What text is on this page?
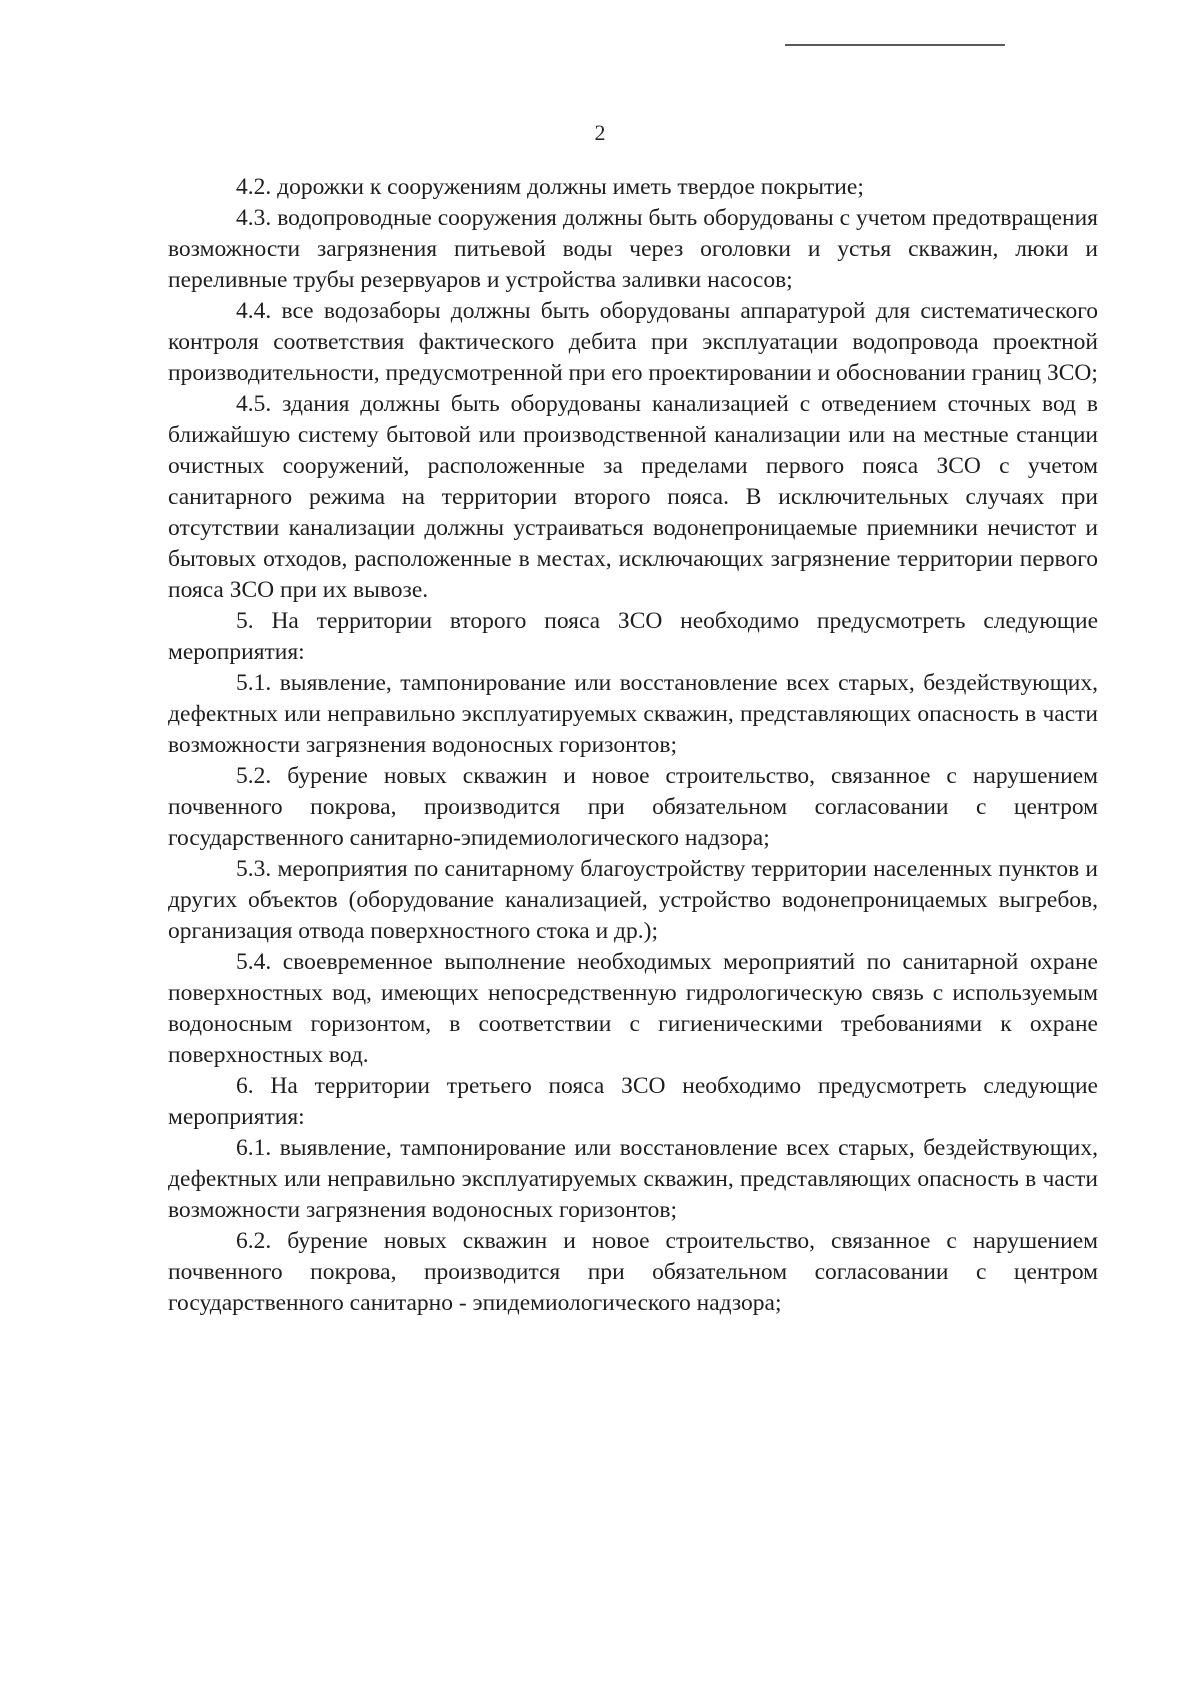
2

4.2. дорожки к сооружениям должны иметь твердое покрытие;

4.3. водопроводные сооружения должны быть оборудованы с учетом предотвращения возможности загрязнения питьевой воды через оголовки и устья скважин, люки и переливные трубы резервуаров и устройства заливки насосов;

4.4. все водозаборы должны быть оборудованы аппаратурой для систематического контроля соответствия фактического дебита при эксплуатации водопровода проектной производительности, предусмотренной при его проектировании и обосновании границ ЗСО;

4.5. здания должны быть оборудованы канализацией с отведением сточных вод в ближайшую систему бытовой или производственной канализации или на местные станции очистных сооружений, расположенные за пределами первого пояса ЗСО с учетом санитарного режима на территории второго пояса. В исключительных случаях при отсутствии канализации должны устраиваться водонепроницаемые приемники нечистот и бытовых отходов, расположенные в местах, исключающих загрязнение территории первого пояса ЗСО при их вывозе.

5. На территории второго пояса ЗСО необходимо предусмотреть следующие мероприятия:

5.1. выявление, тампонирование или восстановление всех старых, бездействующих, дефектных или неправильно эксплуатируемых скважин, представляющих опасность в части возможности загрязнения водоносных горизонтов;

5.2. бурение новых скважин и новое строительство, связанное с нарушением почвенного покрова, производится при обязательном согласовании с центром государственного санитарно-эпидемиологического надзора;

5.3. мероприятия по санитарному благоустройству территории населенных пунктов и других объектов (оборудование канализацией, устройство водонепроницаемых выгребов, организация отвода поверхностного стока и др.);

5.4. своевременное выполнение необходимых мероприятий по санитарной охране поверхностных вод, имеющих непосредственную гидрологическую связь с используемым водоносным горизонтом, в соответствии с гигиеническими требованиями к охране поверхностных вод.

6. На территории третьего пояса ЗСО необходимо предусмотреть следующие мероприятия:

6.1. выявление, тампонирование или восстановление всех старых, бездействующих, дефектных или неправильно эксплуатируемых скважин, представляющих опасность в части возможности загрязнения водоносных горизонтов;

6.2. бурение новых скважин и новое строительство, связанное с нарушением почвенного покрова, производится при обязательном согласовании с центром государственного санитарно - эпидемиологического надзора;
